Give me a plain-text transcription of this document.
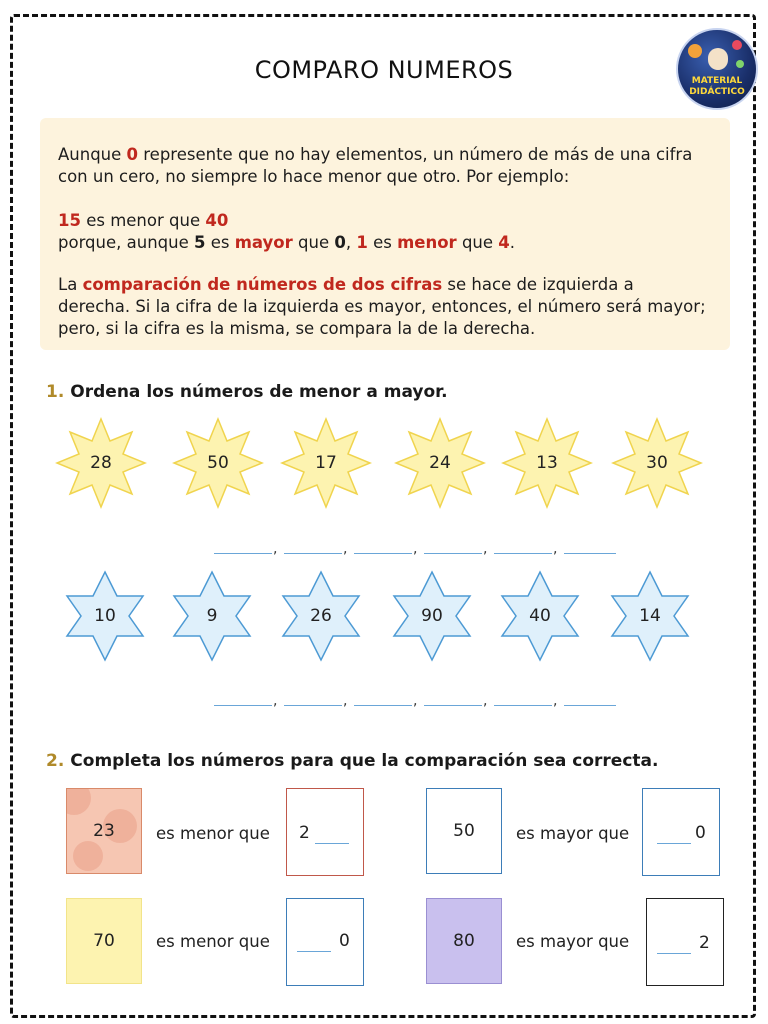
COMPARO NUMEROS	MATERIAL
DIDÁCTICO

Aunque 0 represente que no hay elementos, un número de más de una cifra con un cero, no siempre lo hace menor que otro. Por ejemplo:

15 es menor que 40

porque, aunque 5 es mayor que 0, 1 es menor que 4.

La comparación de números de dos cifras se hace de izquierda a derecha. Si la cifra de la izquierda es mayor, entonces, el número será mayor; pero, si la cifra es la misma, se compara la de la derecha.

1. Ordena los números de menor a mayor.
28	50	17	24	13	30
,	,	,	,	,
10	9	26	90	40	14
,	,	,	,	,
2. Completa los números para que la comparación sea correcta.
23	es menor que 2	50	es mayor que	0
70	es menor que	0	80	es mayor que	2
